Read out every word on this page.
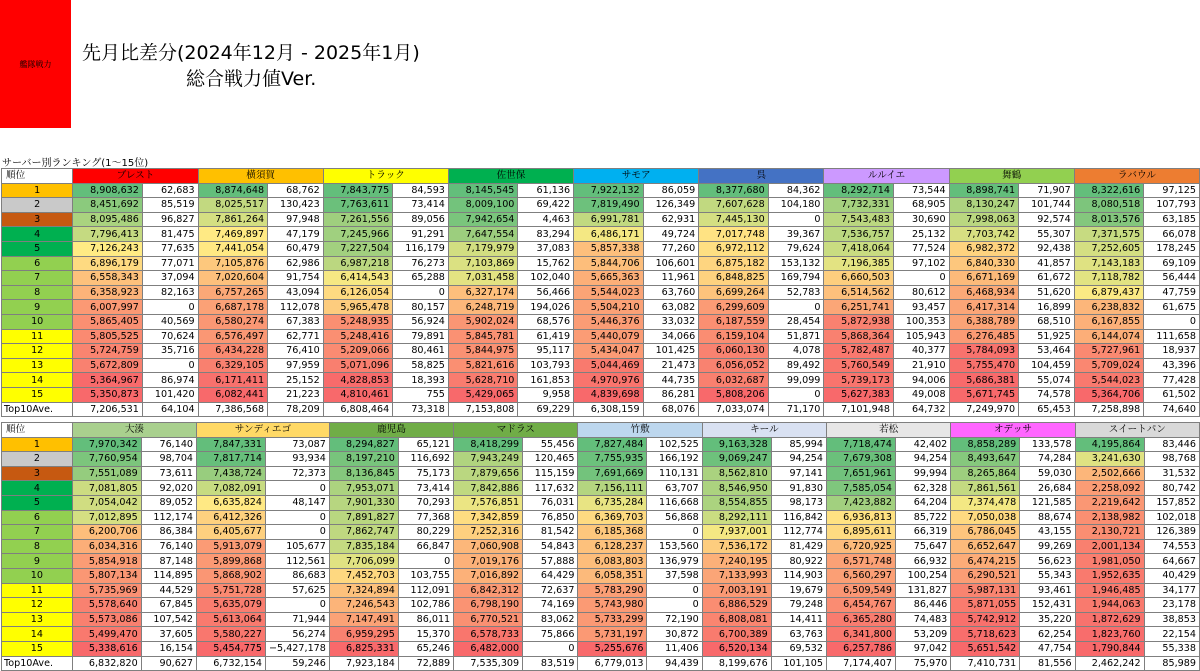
艦隊戦力 先月比差分(2024年12月 - 2025年1月)
総合戦力値Ver.
サーバー別ランキング(1～15位)
順位	ブレスト		横須賀		トラック		佐世保		サモア		呉		ルルイエ		舞鶴		ラバウル	
1	8,908,632	62,683	8,874,648	68,762	7,843,775	84,593	8,145,545	61,136	7,922,132	86,059	8,377,680	84,362	8,292,714	73,544	8,898,741	71,907	8,322,616	97,125
2	8,451,692	85,519	8,025,517	130,423	7,763,611	73,414	8,009,100	69,422	7,819,490	126,349	7,607,628	104,180	7,732,331	68,905	8,130,247	101,744	8,080,518	107,793
3	8,095,486	96,827	7,861,264	97,948	7,261,556	89,056	7,942,654	4,463	6,991,781	62,931	7,445,130	0	7,543,483	30,690	7,998,063	92,574	8,013,576	63,185
4	7,796,413	81,475	7,469,897	47,179	7,245,966	91,291	7,647,554	83,294	6,486,171	49,724	7,017,748	39,367	7,536,757	25,132	7,703,742	55,307	7,371,575	66,078
5	7,126,243	77,635	7,441,054	60,479	7,227,504	116,179	7,179,979	37,083	5,857,338	77,260	6,972,112	79,624	7,418,064	77,524	6,982,372	92,438	7,252,605	178,245
6	6,896,179	77,071	7,105,876	62,986	6,987,218	76,273	7,103,869	15,762	5,844,706	106,601	6,875,182	153,132	7,196,385	97,102	6,840,330	41,857	7,143,183	69,109
7	6,558,343	37,094	7,020,604	91,754	6,414,543	65,288	7,031,458	102,040	5,665,363	11,961	6,848,825	169,794	6,660,503	0	6,671,169	61,672	7,118,782	56,444
8	6,358,923	82,163	6,757,265	43,094	6,126,054	0	6,327,174	56,466	5,544,023	63,760	6,699,264	52,783	6,514,562	80,612	6,468,934	51,620	6,879,437	47,759
9	6,007,997	0	6,687,178	112,078	5,965,478	80,157	6,248,719	194,026	5,504,210	63,082	6,299,609	0	6,251,741	93,457	6,417,314	16,899	6,238,832	61,675
10	5,865,405	40,569	6,580,274	67,383	5,248,935	56,924	5,902,024	68,576	5,446,376	33,032	6,187,559	28,454	5,872,938	100,353	6,388,789	68,510	6,167,855	0
11	5,805,525	70,624	6,576,497	62,771	5,248,416	79,891	5,845,781	61,419	5,440,079	34,066	6,159,104	51,871	5,868,364	105,943	6,276,485	51,925	6,144,074	111,658
12	5,724,759	35,716	6,434,228	76,410	5,209,066	80,461	5,844,975	95,117	5,434,047	101,425	6,060,130	4,078	5,782,487	40,377	5,784,093	53,464	5,727,961	18,937
13	5,672,809	0	6,329,105	97,959	5,071,096	58,825	5,821,616	103,793	5,044,469	21,473	6,056,052	89,492	5,760,549	21,910	5,755,470	104,459	5,709,024	43,396
14	5,364,967	86,974	6,171,411	25,152	4,828,853	18,393	5,628,710	161,853	4,970,976	44,735	6,032,687	99,099	5,739,173	94,006	5,686,381	55,074	5,544,023	77,428
15	5,350,873	101,420	6,082,441	21,223	4,810,461	755	5,429,065	9,958	4,839,698	86,281	5,808,206	0	5,627,383	49,008	5,671,745	74,578	5,364,706	61,502
Top10Ave.	7,206,531	64,104	7,386,568	78,209	6,808,464	73,318	7,153,808	69,229	6,308,159	68,076	7,033,074	71,170	7,101,948	64,732	7,249,970	65,453	7,258,898	74,640
順位	大湊		サンディエゴ		鹿児島		マドラス		竹敷		キール		若松		オデッサ		スイートパン	
1	7,970,342	76,140	7,847,331	73,087	8,294,827	65,121	8,418,299	55,456	7,827,484	102,525	9,163,328	85,994	7,718,474	42,402	8,858,289	133,578	4,195,864	83,446
2	7,760,954	98,704	7,817,714	93,934	8,197,210	116,692	7,943,249	120,465	7,755,935	166,192	9,069,247	94,254	7,679,308	94,254	8,493,647	74,284	3,241,630	98,768
3	7,551,089	73,611	7,438,724	72,373	8,136,845	75,173	7,879,656	115,159	7,691,669	110,131	8,562,810	97,141	7,651,961	99,994	8,265,864	59,030	2,502,666	31,532
4	7,081,805	92,020	7,082,091	0	7,953,071	73,414	7,842,886	117,632	7,156,111	63,707	8,546,950	91,830	7,585,054	62,328	7,861,561	26,684	2,258,092	80,742
5	7,054,042	89,052	6,635,824	48,147	7,901,330	70,293	7,576,851	76,031	6,735,284	116,668	8,554,855	98,173	7,423,882	64,204	7,374,478	121,585	2,219,642	157,852
6	7,012,895	112,174	6,412,326	0	7,891,827	77,368	7,342,859	76,850	6,369,703	56,868	8,292,111	116,842	6,936,813	85,722	7,050,038	88,674	2,138,982	102,018
7	6,200,706	86,384	6,405,677	0	7,862,747	80,229	7,252,316	81,542	6,185,368	0	7,937,001	112,774	6,895,611	66,319	6,786,045	43,155	2,130,721	126,389
8	6,034,316	76,140	5,913,079	105,677	7,835,184	66,847	7,060,908	54,843	6,128,237	153,560	7,536,172	81,429	6,720,925	75,647	6,652,647	99,269	2,001,134	74,553
9	5,854,918	87,148	5,899,868	112,561	7,706,099	0	7,019,176	57,888	6,083,803	136,979	7,240,195	80,922	6,571,748	66,932	6,474,215	56,623	1,981,050	64,667
10	5,807,134	114,895	5,868,902	86,683	7,452,703	103,755	7,016,892	64,429	6,058,351	37,598	7,133,993	114,903	6,560,297	100,254	6,290,521	55,343	1,952,635	40,429
11	5,735,969	44,529	5,751,728	57,625	7,324,894	112,091	6,842,312	72,637	5,783,290	0	7,003,191	19,679	6,509,549	131,827	5,987,131	93,461	1,946,485	34,177
12	5,578,640	67,845	5,635,079	0	7,246,543	102,786	6,798,190	74,169	5,743,980	0	6,886,529	79,248	6,454,767	86,446	5,871,055	152,431	1,944,063	23,178
13	5,573,086	107,542	5,613,064	71,944	7,147,491	86,011	6,770,521	83,062	5,733,299	72,190	6,808,081	14,411	6,365,280	74,483	5,742,912	35,220	1,872,629	38,853
14	5,499,470	37,605	5,580,227	56,274	6,959,295	15,370	6,578,733	75,866	5,731,197	30,872	6,700,389	63,763	6,341,800	53,209	5,718,623	62,254	1,823,760	22,154
15	5,338,616	16,154	5,454,775	−5,427,178	6,825,331	65,246	6,482,000	0	5,255,676	11,406	6,520,134	69,532	6,257,786	97,042	5,651,542	47,754	1,790,844	55,338
Top10Ave.	6,832,820	90,627	6,732,154	59,246	7,923,184	72,889	7,535,309	83,519	6,779,013	94,439	8,199,676	101,105	7,174,407	75,970	7,410,731	81,556	2,462,242	85,989
